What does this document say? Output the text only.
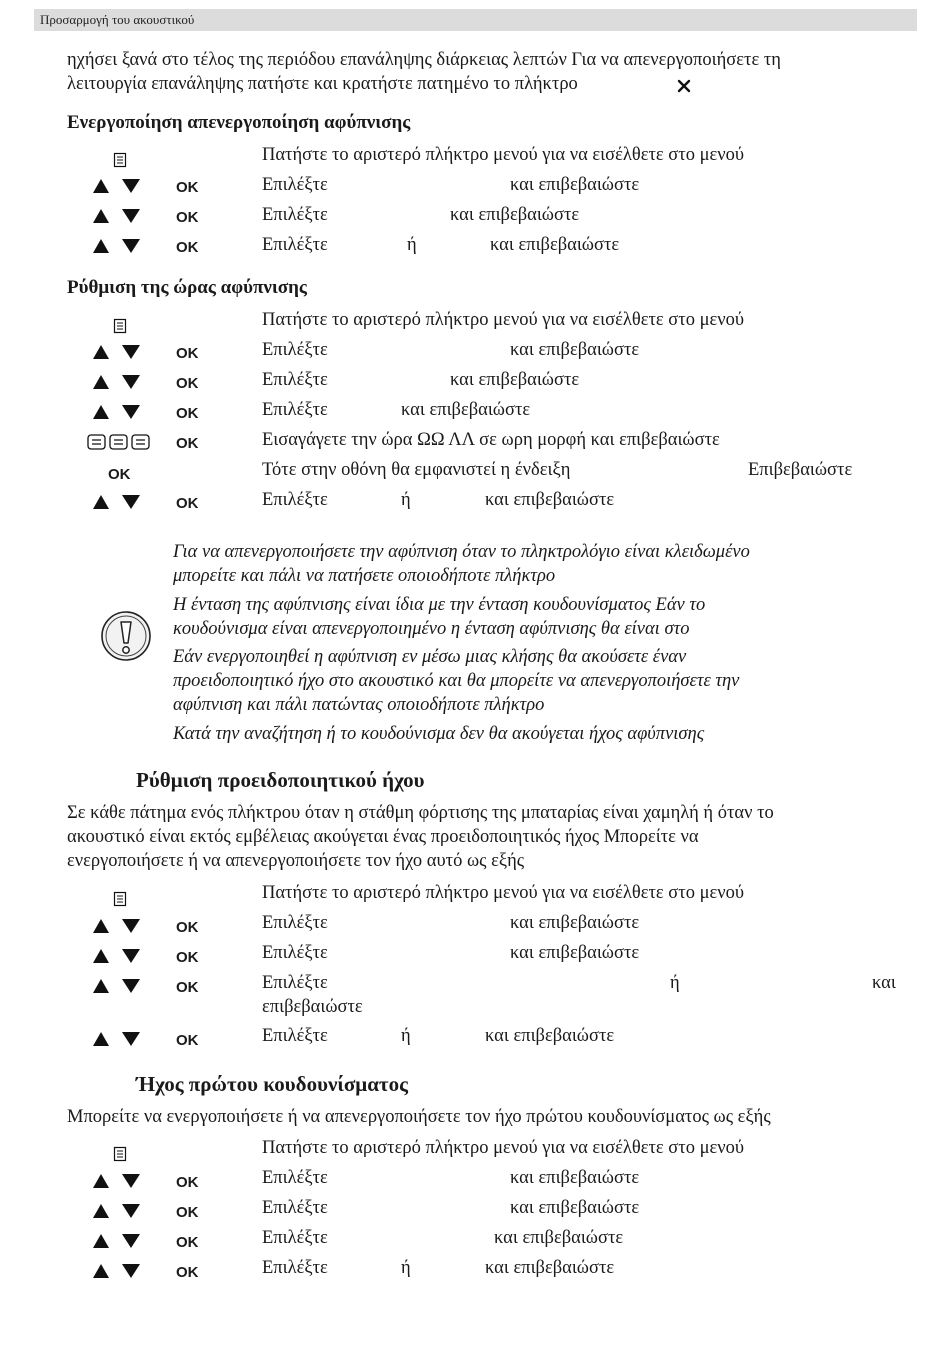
Προσαρμογή του ακουστικού
ηχήσει ξανά στο τέλος της περιόδου επανάληψης διάρκειας λεπτών Για να απενεργοποιήσετε τη
λειτουργία επανάληψης πατήστε και κρατήστε πατημένο το πλήκτρο
Ενεργοποίηση απενεργοποίηση αφύπνισης
Πατήστε το αριστερό πλήκτρο μενού για να εισέλθετε στο μενού
OK	Επιλέξτε	και επιβεβαιώστε
OK	Επιλέξτε	και επιβεβαιώστε
OK	Επιλέξτε	ή	και επιβεβαιώστε
Ρύθμιση της ώρας αφύπνισης
Πατήστε το αριστερό πλήκτρο μενού για να εισέλθετε στο μενού
OK	Επιλέξτε	και επιβεβαιώστε
OK	Επιλέξτε	και επιβεβαιώστε
OK	Επιλέξτε	και επιβεβαιώστε
OK	Εισαγάγετε την ώρα ΩΩ ΛΛ σε ωρη μορφή και επιβεβαιώστε
OK	Τότε στην οθόνη θα εμφανιστεί η ένδειξη	Επιβεβαιώστε
OK	Επιλέξτε	ή	και επιβεβαιώστε
Για να απενεργοποιήσετε την αφύπνιση όταν το πληκτρολόγιο είναι κλειδωμένο
μπορείτε και πάλι να πατήσετε οποιοδήποτε πλήκτρο
Η ένταση της αφύπνισης είναι ίδια με την ένταση κουδουνίσματος Εάν το
κουδούνισμα είναι απενεργοποιημένο η ένταση αφύπνισης θα είναι στο
Εάν ενεργοποιηθεί η αφύπνιση εν μέσω μιας κλήσης θα ακούσετε έναν
προειδοποιητικό ήχο στο ακουστικό και θα μπορείτε να απενεργοποιήσετε την
αφύπνιση και πάλι πατώντας οποιοδήποτε πλήκτρο
Κατά την αναζήτηση ή το κουδούνισμα δεν θα ακούγεται ήχος αφύπνισης
Ρύθμιση προειδοποιητικού ήχου
Σε κάθε πάτημα ενός πλήκτρου όταν η στάθμη φόρτισης της μπαταρίας είναι χαμηλή ή όταν το
ακουστικό είναι εκτός εμβέλειας ακούγεται ένας προειδοποιητικός ήχος Μπορείτε να
ενεργοποιήσετε ή να απενεργοποιήσετε τον ήχο αυτό ως εξής
Πατήστε το αριστερό πλήκτρο μενού για να εισέλθετε στο μενού
OK	Επιλέξτε	και επιβεβαιώστε
OK	Επιλέξτε	και επιβεβαιώστε
OK	Επιλέξτε	ή	και
επιβεβαιώστε
OK	Επιλέξτε	ή	και επιβεβαιώστε
Ήχος πρώτου κουδουνίσματος
Μπορείτε να ενεργοποιήσετε ή να απενεργοποιήσετε τον ήχο πρώτου κουδουνίσματος ως εξής
Πατήστε το αριστερό πλήκτρο μενού για να εισέλθετε στο μενού
OK	Επιλέξτε	και επιβεβαιώστε
OK	Επιλέξτε	και επιβεβαιώστε
OK	Επιλέξτε	και επιβεβαιώστε
OK	Επιλέξτε	ή	και επιβεβαιώστε
